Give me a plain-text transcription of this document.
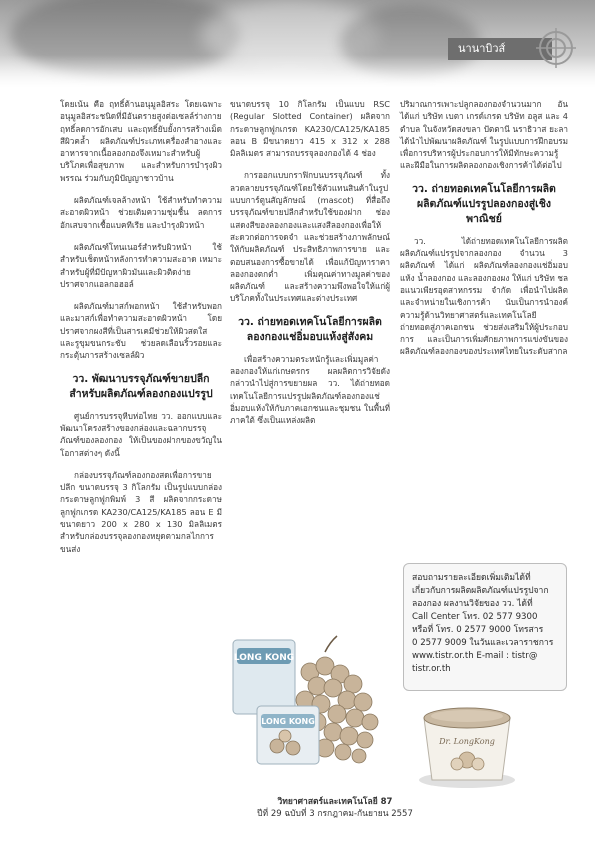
นานาบิวส์

โดยเน้น คือ ฤทธิ์ต้านอนุมูลอิสระ โดยเฉพาะอนุมูลอิสระชนิดที่มีอันตรายสูงต่อเซลล์ร่างกาย ฤทธิ์ลดการอักเสบ และฤทธิ์ยับยั้งการสร้างเม็ดสีผิวคล้ำ ผลิตภัณฑ์ประเภทเครื่องสำอางและอาหารจากเนื้อลองกองจึงเหมาะสำหรับผู้บริโภคเพื่อสุขภาพ และสำหรับการบำรุงผิวพรรณ ร่วมกับภูมิปัญญาชาวบ้าน

ผลิตภัณฑ์เจลล้างหน้า ใช้สำหรับทำความสะอาดผิวหน้า ช่วยเติมความชุ่มชื้น ลดการอักเสบจากเชื้อแบคทีเรีย และบำรุงผิวหน้า

ผลิตภัณฑ์โทนเนอร์สำหรับผิวหน้า ใช้สำหรับเช็ดหน้าหลังการทำความสะอาด เหมาะสำหรับผู้ที่มีปัญหาผิวมันและผิวติดง่าย ปราศจากแอลกอฮอล์

ผลิตภัณฑ์มาสก์พอกหน้า ใช้สำหรับพอกและมาสก์เพื่อทำความสะอาดผิวหน้า โดยปราศจากผงสีที่เป็นสารเคมีช่วยให้ผิวสดใส และรูขุมขนกระชับ ช่วยลดเลือนริ้วรอยและกระตุ้นการสร้างเซลล์ผิว

วว. พัฒนาบรรจุภัณฑ์ขายปลีกสำหรับผลิตภัณฑ์ลองกองแปรรูป

ศูนย์การบรรจุหีบห่อไทย วว. ออกแบบและพัฒนาโครงสร้างของกล่องและฉลากบรรจุภัณฑ์ของลองกอง ให้เป็นของฝากของขวัญในโอกาสต่างๆ ดังนี้

กล่องบรรจุภัณฑ์ลองกองสดเพื่อการขายปลีก ขนาดบรรจุ 3 กิโลกรัม เป็นรูปแบบกล่องกระดาษลูกฟูกพิมพ์ 3 สี ผลิตจากกระดาษลูกฟูกเกรด KA230/CA125/KA185 ลอน E มีขนาดยาว 200 x 280 x 130 มิลลิเมตร สำหรับกล่องบรรจุลองกองหยุดตามกลไกการขนส่ง

ขนาดบรรจุ 10 กิโลกรัม เป็นแบบ RSC (Regular Slotted Container) ผลิตจากกระดาษลูกฟูกเกรด KA230/CA125/KA185 ลอน B มีขนาดยาว 415 x 312 x 288 มิลลิเมตร สามารถบรรจุลองกองได้ 4 ช่อง

การออกแบบกราฟิกบนบรรจุภัณฑ์ ทั้งลวดลายบรรจุภัณฑ์โดยใช้ตัวแทนสินค้าในรูปแบบการ์ตูนสัญลักษณ์ (mascot) ที่สื่อถึงบรรจุภัณฑ์ขายปลีกสำหรับใช้ของฝาก ช่องแสดงสีของลองกองและแสงสีลองกองเพื่อให้สะดวกต่อการจดจำ และช่วยสร้างภาพลักษณ์ให้กับผลิตภัณฑ์ ประสิทธิภาพการขาย และตอบสนองการซื้อขายได้ เพื่อแก้ปัญหาราคาลองกองตกต่ำ เพิ่มคุณค่าทางมูลค่าของผลิตภัณฑ์ และสร้างความพึงพอใจให้แก่ผู้บริโภคทั้งในประเทศและต่างประเทศ

วว. ถ่ายทอดเทคโนโลยีการผลิตลองกองแช่อิ่มอบแห้งสู่สังคม

เพื่อสร้างความตระหนักรู้และเพิ่มมูลค่าลองกองให้แก่เกษตรกร ผลผลิตการวิจัยดังกล่าวนำไปสู่การขยายผล วว. ได้ถ่ายทอดเทคโนโลยีการแปรรูปผลิตภัณฑ์ลองกองแช่อิ่มอบแห้งให้กับภาคเอกชนและชุมชน ในพื้นที่ภาคใต้ ซึ่งเป็นแหล่งผลิต

ปริมาณการเพาะปลูกลองกองจำนวนมาก อันได้แก่ บริษัท เบตา เกรด์เกรต บริษัท อลูส และ 4 ตำบล ในจังหวัดสงขลา ปัตตานี นราธิวาส ยะลา ได้นำไปพัฒนาผลิตภัณฑ์ ในรูปแบบการฝึกอบรมเพื่อการบริหารผู้ประกอบการให้มีทักษะความรู้และฝีมือในการผลิตลองกองเชิงการค้าได้ต่อไป

วว. ถ่ายทอดเทคโนโลยีการผลิตผลิตภัณฑ์แปรรูปลองกองสู่เชิงพาณิชย์

วว. ได้ถ่ายทอดเทคโนโลยีการผลิตผลิตภัณฑ์แปรรูปจากลองกอง จำนวน 3 ผลิตภัณฑ์ ได้แก่ ผลิตภัณฑ์ลองกองแช่อิ่มอบแห้ง น้ำลองกอง และลองกองผง ให้แก่ บริษัท ชลอแนวเพียรอุตสาหกรรม จำกัด เพื่อนำไปผลิตและจำหน่ายในเชิงการค้า นับเป็นการนำองค์ความรู้ด้านวิทยาศาสตร์และเทคโนโลยี ถ่ายทอดสู่ภาคเอกชน ช่วยส่งเสริมให้ผู้ประกอบการ และเป็นการเพิ่มศักยภาพการแข่งขันของผลิตภัณฑ์ลองกองของประเทศไทยในระดับสากล

สอบถามรายละเอียดเพิ่มเติมได้ที่
เกี่ยวกับการผลิตผลิตภัณฑ์แปรรูปจาก
ลองกอง ผลงานวิจัยของ วว. ได้ที่
Call Center โทร. 02 577 9300
หรือที่ โทร. 0 2577 9000 โทรสาร
0 2577 9009 ในวันและเวลาราชการ
www.tistr.or.th E-mail : tistr@
tistr.or.th
LONG KONG
LONG KONG
Dr. LongKong
วิทยาศาสตร์และเทคโนโลยี 87
ปีที่ 29 ฉบับที่ 3 กรกฎาคม-กันยายน 2557
